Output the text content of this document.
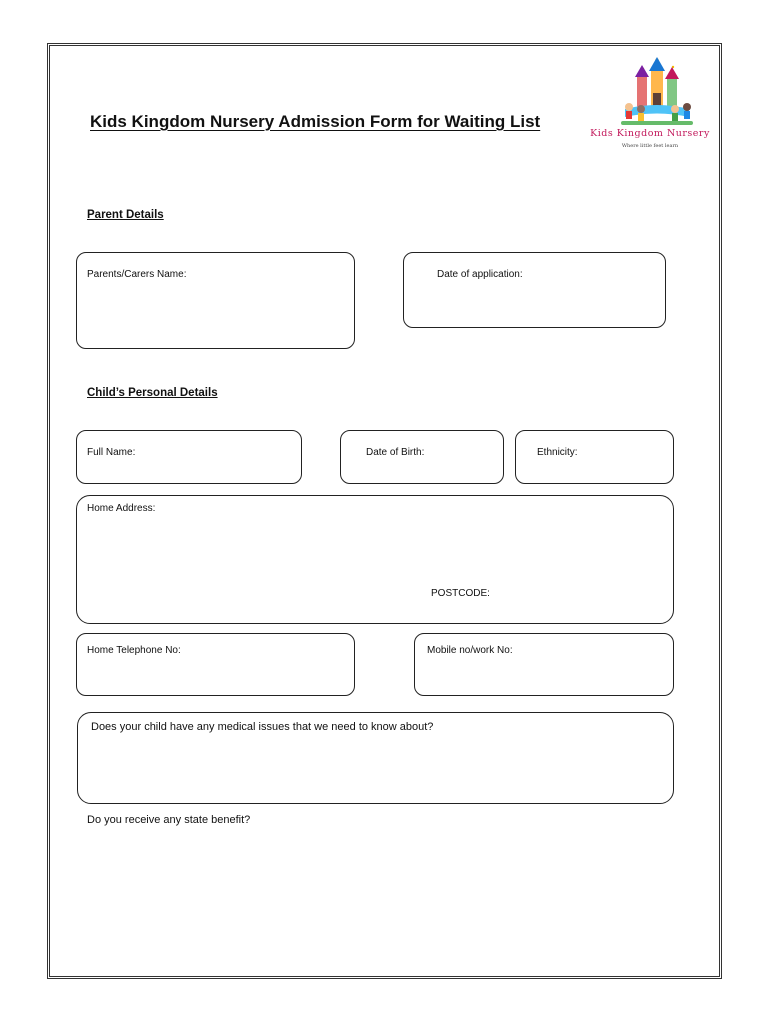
Kids Kingdom Nursery
Where little feet learn
Kids Kingdom Nursery Admission Form for Waiting List
Parent Details
Parents/Carers Name:	Date of application:
Child’s Personal Details
Full Name:	Date of Birth:	Ethnicity:
Home Address:
POSTCODE:
Home Telephone No:	Mobile no/work No:
Does your child have any medical issues that we need to know about?
Do you receive any state benefit?
